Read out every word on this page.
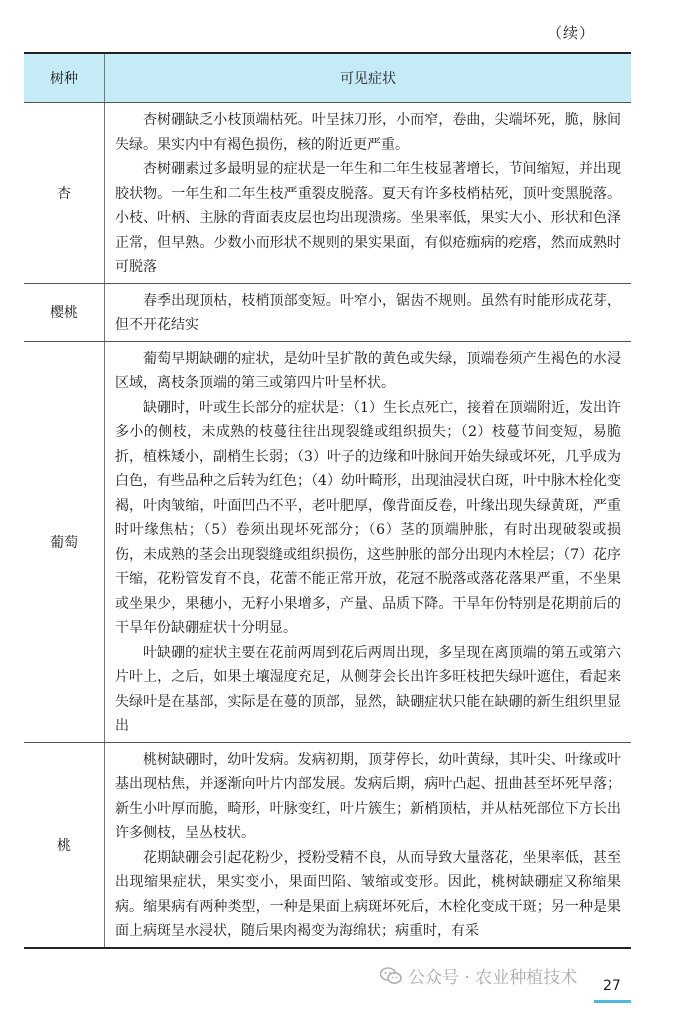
（续）
树种	可见症状
杏	杏树硼缺乏小枝顶端枯死。叶呈抹刀形，小而窄，卷曲，尖端坏死，脆，脉间失绿。果实内中有褐色损伤，核的附近更严重。

杏树硼素过多最明显的症状是一年生和二年生枝显著增长，节间缩短，并出现胶状物。一年生和二年生枝严重裂皮脱落。夏天有许多枝梢枯死，顶叶变黑脱落。小枝、叶柄、主脉的背面表皮层也均出现溃疡。坐果率低，果实大小、形状和色泽正常，但早熟。少数小而形状不规则的果实果面，有似疮痂病的疙瘩，然而成熟时可脱落

樱桃	春季出现顶枯，枝梢顶部变短。叶窄小，锯齿不规则。虽然有时能形成花芽，但不开花结实

葡萄	葡萄早期缺硼的症状，是幼叶呈扩散的黄色或失绿，顶端卷须产生褐色的水浸区域，离枝条顶端的第三或第四片叶呈杯状。

缺硼时，叶或生长部分的症状是：（1）生长点死亡，接着在顶端附近，发出许多小的侧枝，未成熟的枝蔓往往出现裂缝或组织损失；（2）枝蔓节间变短，易脆折，植株矮小，副梢生长弱；（3）叶子的边缘和叶脉间开始失绿或坏死，几乎成为白色，有些品种之后转为红色；（4）幼叶畸形，出现油浸状白斑，叶中脉木栓化变褐，叶肉皱缩，叶面凹凸不平，老叶肥厚，像背面反卷，叶缘出现失绿黄斑，严重时叶缘焦枯；（5）卷须出现坏死部分；（6）茎的顶端肿胀，有时出现破裂或损伤，未成熟的茎会出现裂缝或组织损伤，这些肿胀的部分出现内木栓层；（7）花序干缩，花粉管发育不良，花蕾不能正常开放，花冠不脱落或落花落果严重，不坐果或坐果少，果穗小，无籽小果增多，产量、品质下降。干旱年份特别是花期前后的干旱年份缺硼症状十分明显。

叶缺硼的症状主要在花前两周到花后两周出现，多呈现在离顶端的第五或第六片叶上，之后，如果土壤湿度充足，从侧芽会长出许多旺枝把失绿叶遮住，看起来失绿叶是在基部，实际是在蔓的顶部，显然，缺硼症状只能在缺硼的新生组织里显出

桃	桃树缺硼时，幼叶发病。发病初期，顶芽停长，幼叶黄绿，其叶尖、叶缘或叶基出现枯焦，并逐渐向叶片内部发展。发病后期，病叶凸起、扭曲甚至坏死早落；新生小叶厚而脆，畸形，叶脉变红，叶片簇生；新梢顶枯，并从枯死部位下方长出许多侧枝，呈丛枝状。

花期缺硼会引起花粉少，授粉受精不良，从而导致大量落花，坐果率低，甚至出现缩果症状，果实变小，果面凹陷、皱缩或变形。因此，桃树缺硼症又称缩果病。缩果病有两种类型，一种是果面上病斑坏死后，木栓化变成干斑；另一种是果面上病斑呈水浸状，随后果肉褐变为海绵状；病重时，有采

公众号 · 农业种植技术 27
